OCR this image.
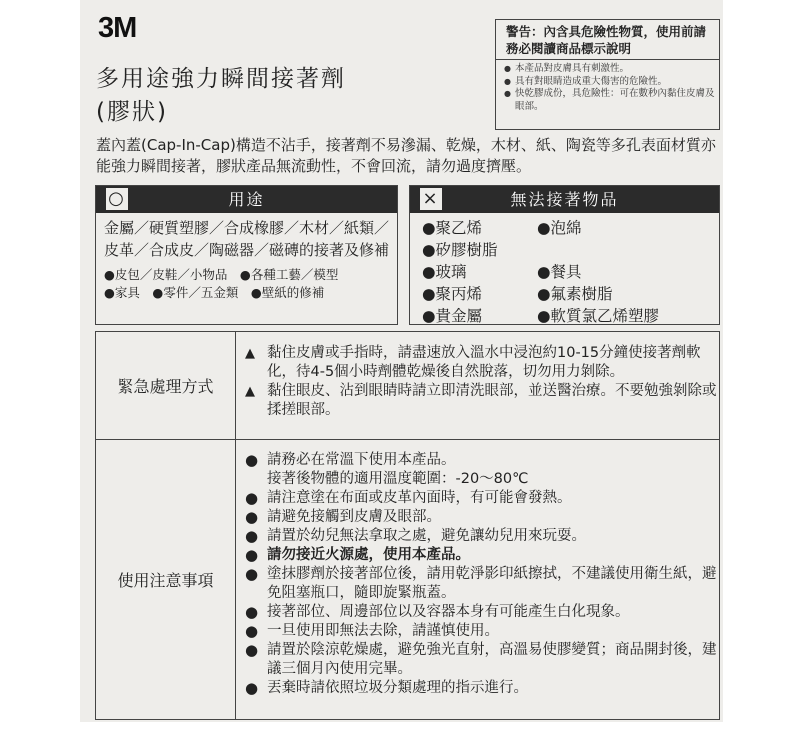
3M
多用途強力瞬間接著劑
(膠狀)
警告：內含具危險性物質，使用前請務必閱讀商品標示說明
● 本產品對皮膚具有刺激性。
● 具有對眼睛造成重大傷害的危險性。
● 快乾膠成份，具危險性：可在數秒內黏住皮膚及眼部。
蓋內蓋(Cap-In-Cap)構造不沾手，接著劑不易滲漏、乾燥，木材、紙、陶瓷等多孔表面材質亦能強力瞬間接著，膠狀產品無流動性，不會回流，請勿過度擠壓。
○	用途
金屬／硬質塑膠／合成橡膠／木材／紙類／皮革／合成皮／陶磁器／磁磚的接著及修補
●皮包／皮鞋／小物品　●各種工藝／模型
●家具　●零件／五金類　●壁紙的修補
×	無法接著物品
●聚乙烯	●泡綿
●矽膠樹脂
●玻璃	●餐具
●聚丙烯	●氟素樹脂
●貴金屬	●軟質氯乙烯塑膠
緊急處理方式
▲ 黏住皮膚或手指時，請盡速放入溫水中浸泡約10-15分鐘使接著劑軟化，待4-5個小時劑體乾燥後自然脫落，切勿用力剝除。
▲ 黏住眼皮、沾到眼睛時請立即清洗眼部，並送醫治療。不要勉強剝除或揉搓眼部。
使用注意事項
● 請務必在常溫下使用本產品。
接著後物體的適用溫度範圍：-20～80℃
● 請注意塗在布面或皮革內面時，有可能會發熱。
● 請避免接觸到皮膚及眼部。
● 請置於幼兒無法拿取之處，避免讓幼兒用來玩耍。
● 請勿接近火源處，使用本產品。
● 塗抹膠劑於接著部位後，請用乾淨影印紙擦拭，不建議使用衛生紙，避免阻塞瓶口，隨即旋緊瓶蓋。
● 接著部位、周邊部位以及容器本身有可能產生白化現象。
● 一旦使用即無法去除，請謹慎使用。
● 請置於陰涼乾燥處，避免強光直射，高溫易使膠變質；商品開封後，建議三個月內使用完畢。
● 丟棄時請依照垃圾分類處理的指示進行。
